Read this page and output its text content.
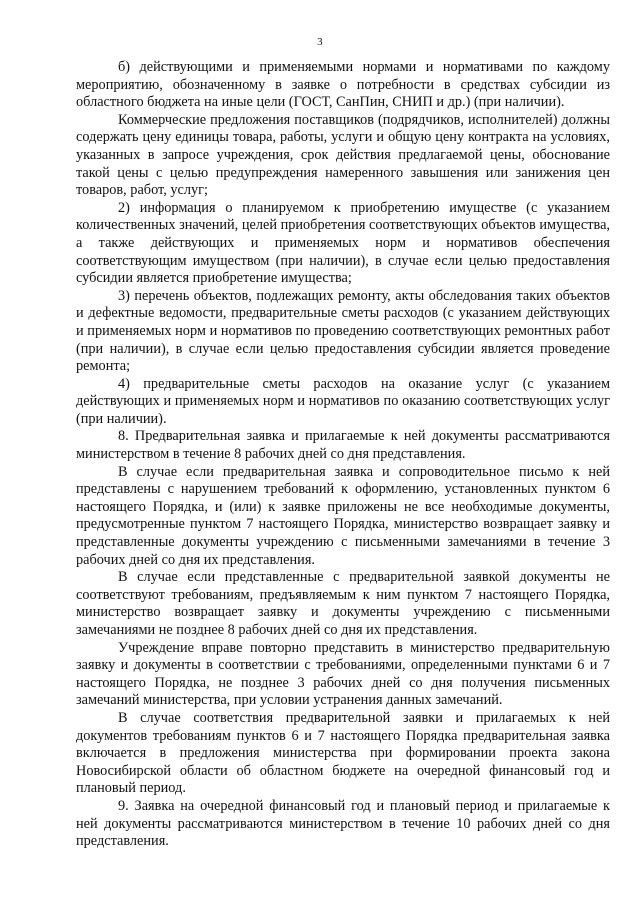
3

б) действующими и применяемыми нормами и нормативами по каждому мероприятию, обозначенному в заявке о потребности в средствах субсидии из областного бюджета на иные цели (ГОСТ, СанПин, СНИП и др.) (при наличии).

Коммерческие предложения поставщиков (подрядчиков, исполнителей) должны содержать цену единицы товара, работы, услуги и общую цену контракта на условиях, указанных в запросе учреждения, срок действия предлагаемой цены, обоснование такой цены с целью предупреждения намеренного завышения или занижения цен товаров, работ, услуг;

2) информация о планируемом к приобретению имуществе (с указанием количественных значений, целей приобретения соответствующих объектов имущества, а также действующих и применяемых норм и нормативов обеспечения соответствующим имуществом (при наличии), в случае если целью предоставления субсидии является приобретение имущества;

3) перечень объектов, подлежащих ремонту, акты обследования таких объектов и дефектные ведомости, предварительные сметы расходов (с указанием действующих и применяемых норм и нормативов по проведению соответствующих ремонтных работ (при наличии), в случае если целью предоставления субсидии является проведение ремонта;

4) предварительные сметы расходов на оказание услуг (с указанием действующих и применяемых норм и нормативов по оказанию соответствующих услуг (при наличии).

8. Предварительная заявка и прилагаемые к ней документы рассматриваются министерством в течение 8 рабочих дней со дня представления.

В случае если предварительная заявка и сопроводительное письмо к ней представлены с нарушением требований к оформлению, установленных пунктом 6 настоящего Порядка, и (или) к заявке приложены не все необходимые документы, предусмотренные пунктом 7 настоящего Порядка, министерство возвращает заявку и представленные документы учреждению с письменными замечаниями в течение 3 рабочих дней со дня их представления.

В случае если представленные с предварительной заявкой документы не соответствуют требованиям, предъявляемым к ним пунктом 7 настоящего Порядка, министерство возвращает заявку и документы учреждению с письменными замечаниями не позднее 8 рабочих дней со дня их представления.

Учреждение вправе повторно представить в министерство предварительную заявку и документы в соответствии с требованиями, определенными пунктами 6 и 7 настоящего Порядка, не позднее 3 рабочих дней со дня получения письменных замечаний министерства, при условии устранения данных замечаний.

В случае соответствия предварительной заявки и прилагаемых к ней документов требованиям пунктов 6 и 7 настоящего Порядка предварительная заявка включается в предложения министерства при формировании проекта закона Новосибирской области об областном бюджете на очередной финансовый год и плановый период.

9. Заявка на очередной финансовый год и плановый период и прилагаемые к ней документы рассматриваются министерством в течение 10 рабочих дней со дня представления.
